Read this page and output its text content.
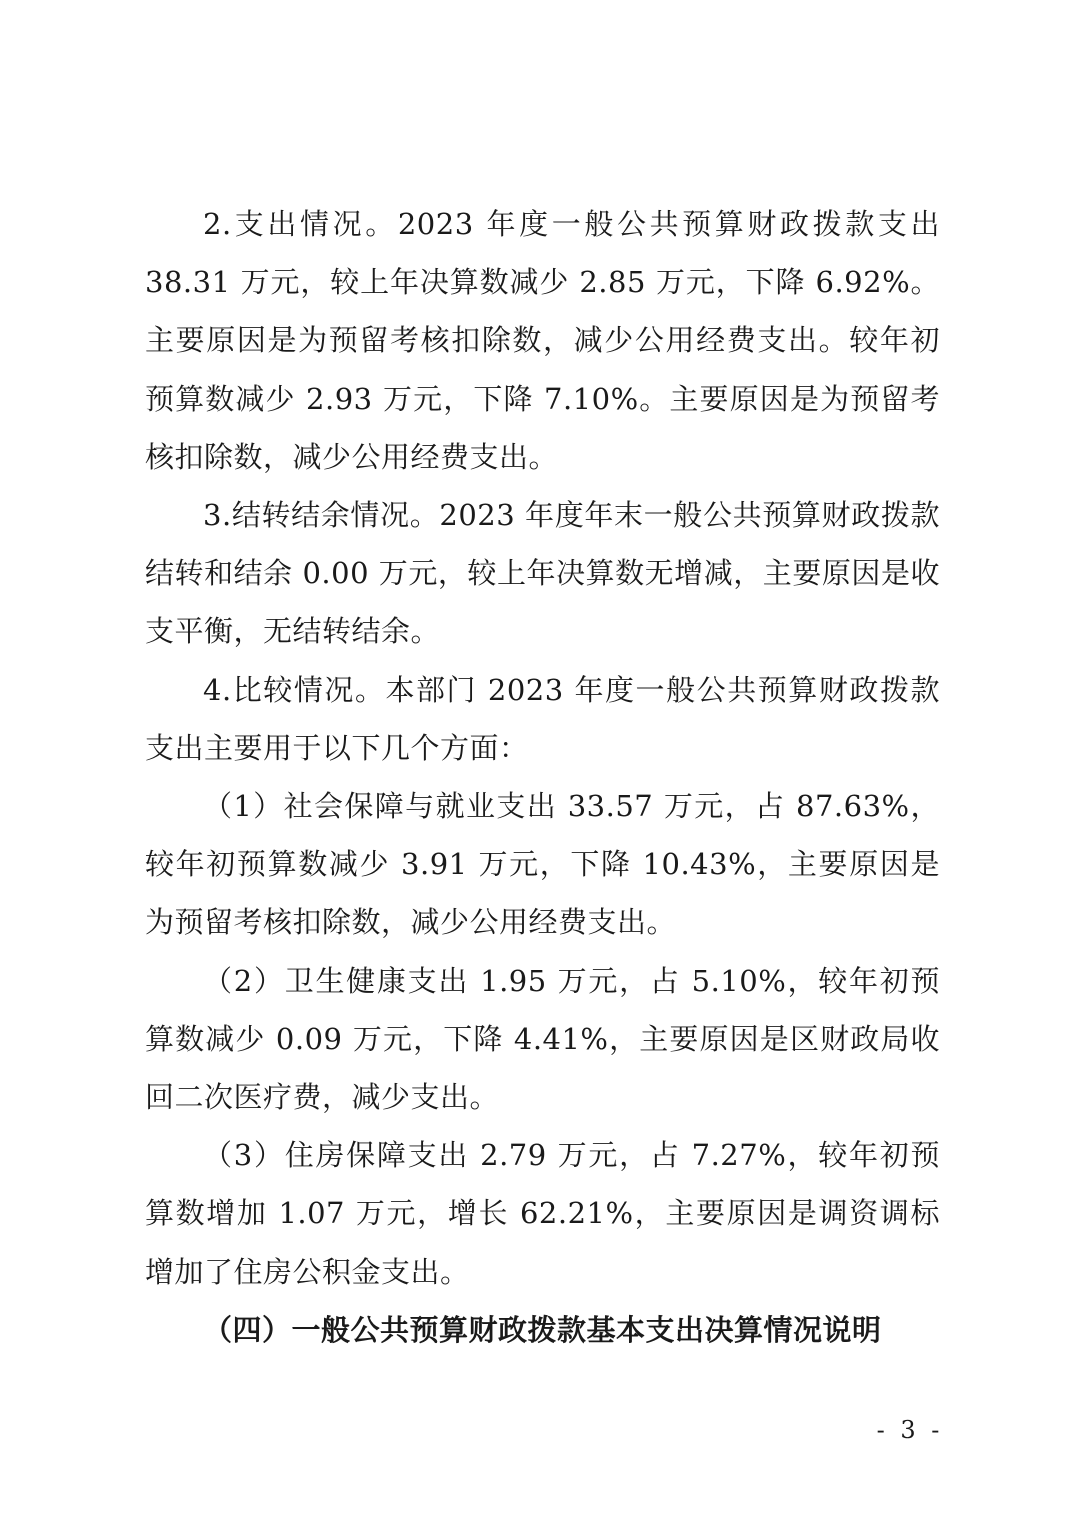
2.支出情况。2023 年度一般公共预算财政拨款支出 38.31 万元，较上年决算数减少 2.85 万元，下降 6.92%。主要原因是为预留考核扣除数，减少公用经费支出。较年初预算数减少 2.93 万元，下降 7.10%。主要原因是为预留考核扣除数，减少公用经费支出。

3.结转结余情况。2023 年度年末一般公共预算财政拨款结转和结余 0.00 万元，较上年决算数无增减，主要原因是收支平衡，无结转结余。

4.比较情况。本部门 2023 年度一般公共预算财政拨款支出主要用于以下几个方面：

（1）社会保障与就业支出 33.57 万元，占 87.63%，较年初预算数减少 3.91 万元，下降 10.43%，主要原因是为预留考核扣除数，减少公用经费支出。

（2）卫生健康支出 1.95 万元，占 5.10%，较年初预算数减少 0.09 万元，下降 4.41%，主要原因是区财政局收回二次医疗费，减少支出。

（3）住房保障支出 2.79 万元，占 7.27%，较年初预算数增加 1.07 万元，增长 62.21%，主要原因是调资调标增加了住房公积金支出。

（四）一般公共预算财政拨款基本支出决算情况说明

- 3 -
